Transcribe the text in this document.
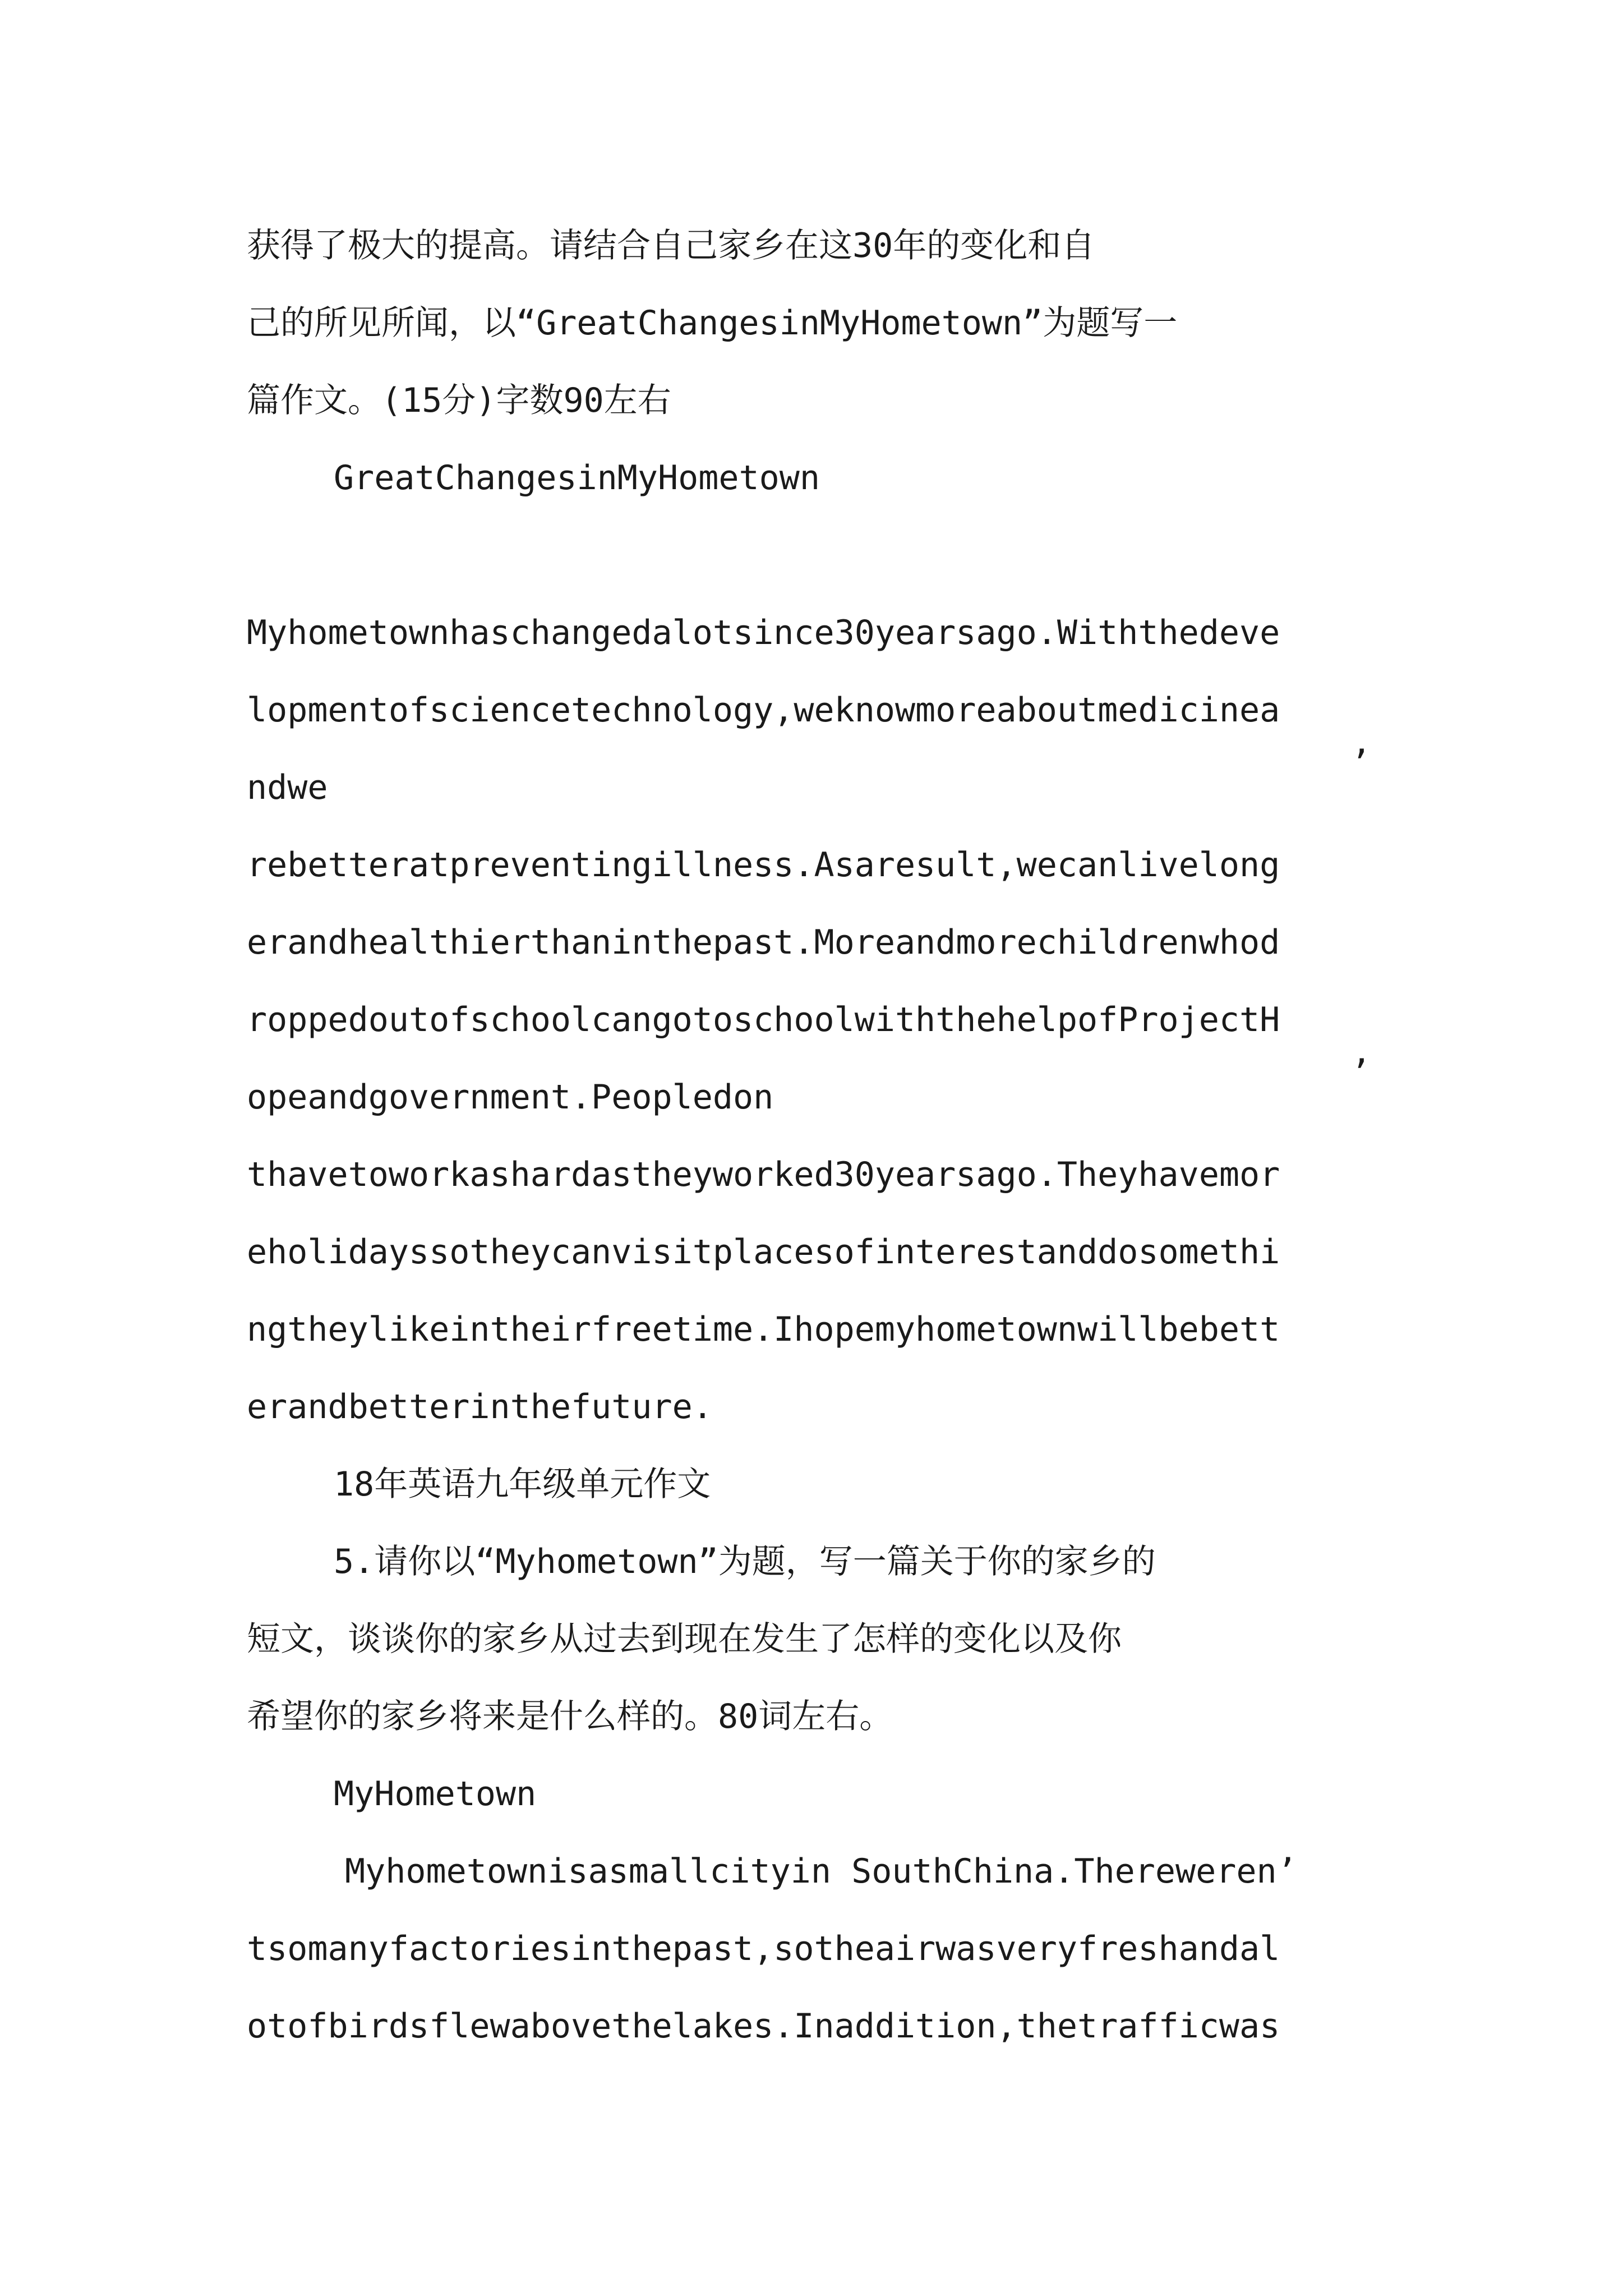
获得了极大的提高。请结合自己家乡在这30年的变化和自

己的所见所闻，以“GreatChangesinMyHometown”为题写一

篇作文。(15分)字数90左右

GreatChangesinMyHometown

Myhometownhaschangedalotsince30yearsago.Withthedeve

lopmentofsciencetechnology,weknowmoreaboutmedicinea

ndwe

’

rebetteratpreventingillness.Asaresult,wecanlivelong

erandhealthierthaninthepast.Moreandmorechildrenwhod

roppedoutofschoolcangotoschoolwiththehelpofProjectH

opeandgovernment.Peopledon

’

thavetoworkashardastheyworked30yearsago.Theyhavemor

eholidayssotheycanvisitplacesofinterestanddosomethi

ngtheylikeintheirfreetime.Ihopemyhometownwillbebett

erandbetterinthefuture.

18年英语九年级单元作文

5.请你以“Myhometown”为题，写一篇关于你的家乡的

短文，谈谈你的家乡从过去到现在发生了怎样的变化以及你

希望你的家乡将来是什么样的。80词左右。

MyHometown

Myhometownisasmallcityin SouthChina.Thereweren’

tsomanyfactoriesinthepast,sotheairwasveryfreshandal

otofbirdsflewabovethelakes.Inaddition,thetrafficwas
